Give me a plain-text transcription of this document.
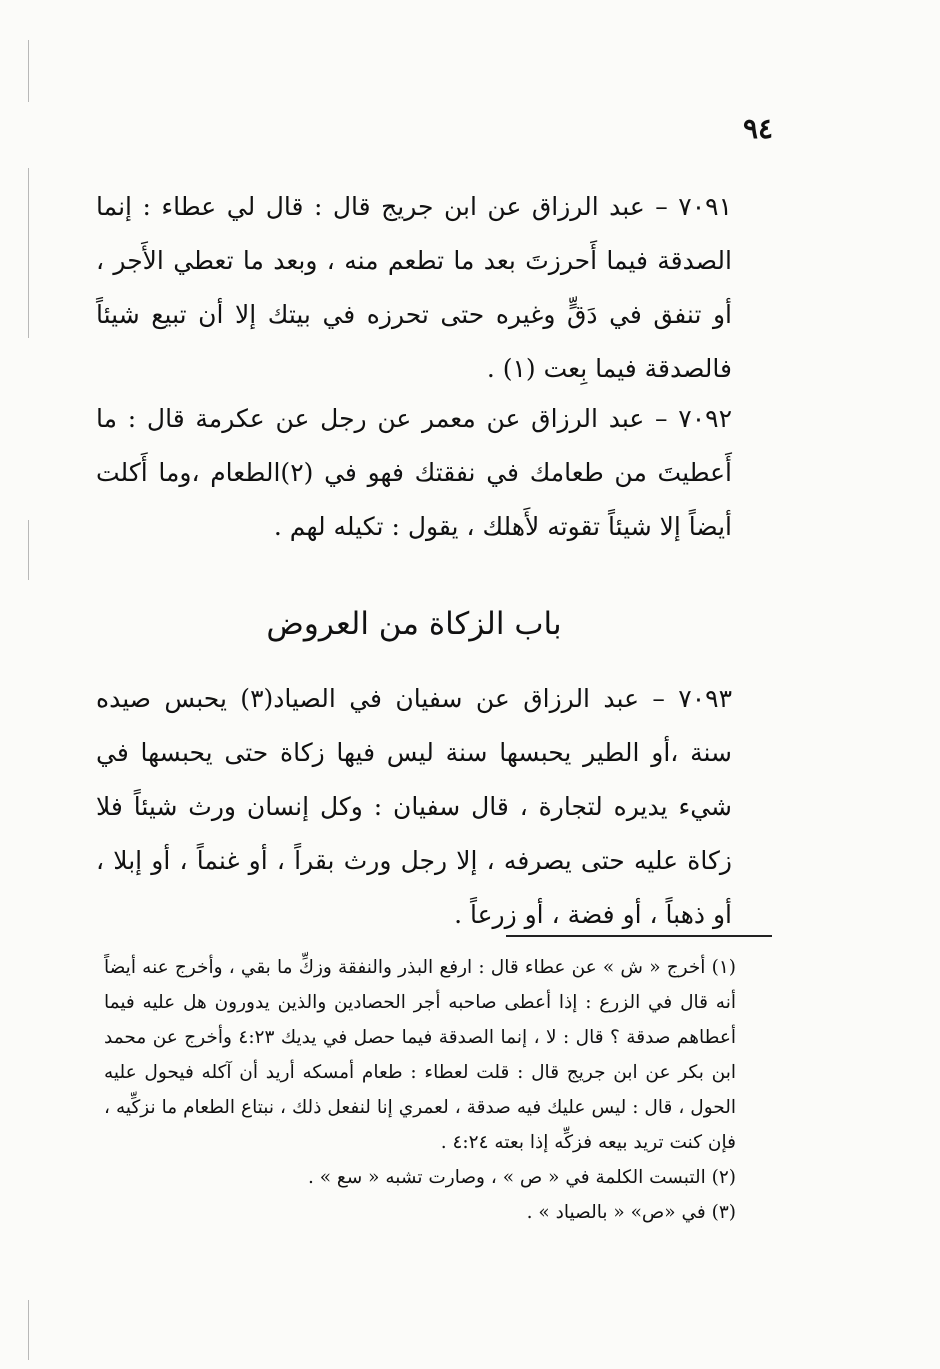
٩٤

٧٠٩١ – عبد الرزاق عن ابن جريج قال : قال لي عطاء : إنما الصدقة فيما أَحرزتَ بعد ما تطعم منه ، وبعد ما تعطي الأَجر ، أو تنفق في دَقٍّ وغيره حتى تحرزه في بيتك إلا أن تبيع شيئاً فالصدقة فيما بِعت (١) .

٧٠٩٢ – عبد الرزاق عن معمر عن رجل عن عكرمة قال : ما أَعطيتَ من طعامك في نفقتك فهو في (٢)الطعام ،وما أَكلت أيضاً إلا شيئاً تقوته لأَهلك ، يقول : تكيله لهم .

باب الزكاة من العروض

٧٠٩٣ – عبد الرزاق عن سفيان في الصياد(٣) يحبس صيده سنة ،أو الطير يحبسها سنة ليس فيها زكاة حتى يحبسها في شيء يديره لتجارة ، قال سفيان : وكل إنسان ورث شيئاً فلا زكاة عليه حتى يصرفه ، إلا رجل ورث بقراً ، أو غنماً ، أو إبلا ، أو ذهباً ، أو فضة ، أو زرعاً .

(١) أخرج « ش » عن عطاء قال : ارفع البذر والنفقة وزكِّ ما بقي ، وأخرج عنه أيضاً أنه قال في الزرع : إذا أعطى صاحبه أجر الحصادين والذين يدورون هل عليه فيما أعطاهم صدقة ؟ قال : لا ، إنما الصدقة فيما حصل في يديك ٤:٢٣ وأخرج عن محمد ابن بكر عن ابن جريج قال : قلت لعطاء : طعام أمسكه أريد أن آكله فيحول عليه الحول ، قال : ليس عليك فيه صدقة ، لعمري إنا لنفعل ذلك ، نبتاع الطعام ما نزكِّيه ، فإن كنت تريد بيعه فزكِّه إذا بعته ٤:٢٤ .

(٢) التبست الكلمة في « ص » ، وصارت تشبه « سع » .

(٣) في «ص» « بالصياد » .
